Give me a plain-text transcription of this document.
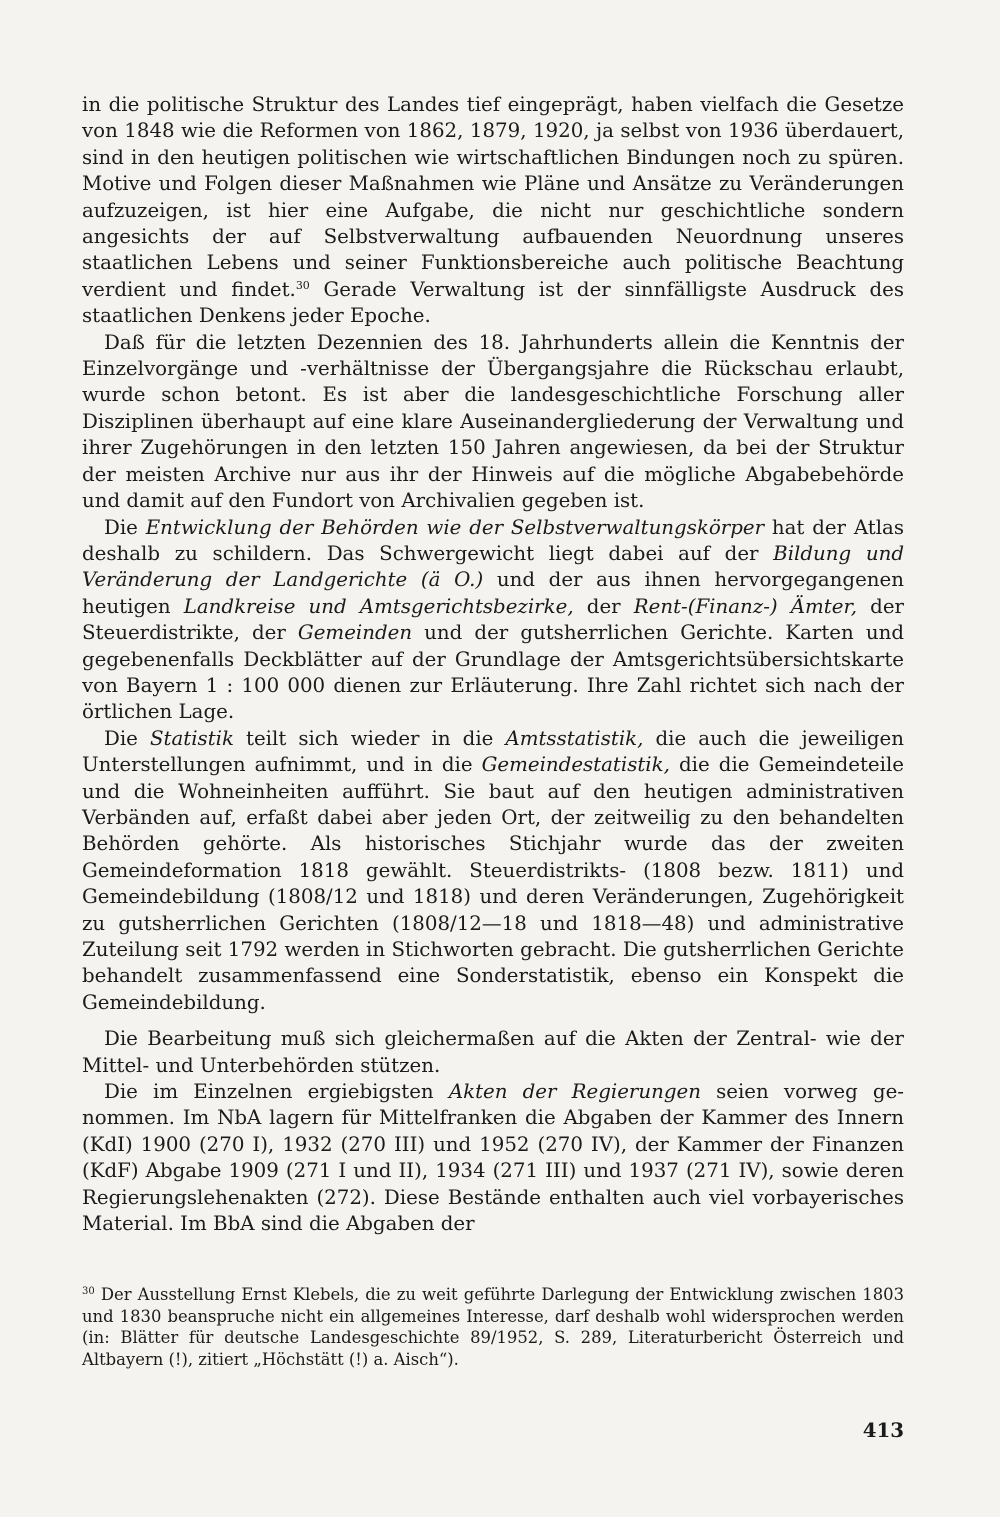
in die politische Struktur des Landes tief eingeprägt, haben vielfach die Gesetze von 1848 wie die Reformen von 1862, 1879, 1920, ja selbst von 1936 überdauert, sind in den heutigen politischen wie wirtschaftlichen Bindungen noch zu spüren. Motive und Folgen dieser Maßnahmen wie Pläne und Ansätze zu Veränderungen aufzuzeigen, ist hier eine Aufgabe, die nicht nur geschichtliche sondern angesichts der auf Selbstverwaltung aufbauenden Neuordnung unseres staatlichen Lebens und seiner Funktionsbereiche auch politische Beachtung verdient und findet.$^{30}$ Gerade Verwaltung ist der sinnfälligste Ausdruck des staatlichen Denkens jeder Epoche.

Daß für die letzten Dezennien des 18. Jahrhunderts allein die Kenntnis der Einzelvorgänge und -verhältnisse der Übergangsjahre die Rückschau erlaubt, wurde schon betont. Es ist aber die landesgeschichtliche Forschung aller Disziplinen überhaupt auf eine klare Auseinandergliederung der Verwaltung und ihrer Zugehörungen in den letzten 150 Jahren angewiesen, da bei der Struktur der meisten Archive nur aus ihr der Hinweis auf die mögliche Abgabebehörde und damit auf den Fundort von Archivalien gegeben ist.

Die Entwicklung der Behörden wie der Selbstverwaltungskörper hat der Atlas deshalb zu schildern. Das Schwergewicht liegt dabei auf der Bildung und Veränderung der Landgerichte (ä O.) und der aus ihnen hervorgegangenen heutigen Landkreise und Amtsgerichtsbezirke, der Rent-(Finanz-) Ämter, der Steuerdistrikte, der Gemeinden und der gutsherrlichen Gerichte. Karten und gegebenenfalls Deckblätter auf der Grundlage der Amtsgerichtsübersichtskarte von Bayern 1 : 100 000 dienen zur Erläuterung. Ihre Zahl richtet sich nach der örtlichen Lage.

Die Statistik teilt sich wieder in die Amtsstatistik, die auch die jeweiligen Unterstellungen aufnimmt, und in die Gemeindestatistik, die die Gemeindeteile und die Wohneinheiten aufführt. Sie baut auf den heutigen administrativen Verbänden auf, erfaßt dabei aber jeden Ort, der zeitweilig zu den behandelten Behörden gehörte. Als historisches Stichjahr wurde das der zweiten Gemeindeformation 1818 gewählt. Steuerdistrikts- (1808 bezw. 1811) und Gemeindebildung (1808/12 und 1818) und deren Veränderungen, Zugehörigkeit zu gutsherrlichen Gerichten (1808/12—18 und 1818—48) und administrative Zuteilung seit 1792 werden in Stichworten gebracht. Die gutsherrlichen Gerichte behandelt zusammenfassend eine Sonderstatistik, ebenso ein Konspekt die Gemeindebildung.

Die Bearbeitung muß sich gleichermaßen auf die Akten der Zentral- wie der Mittel- und Unterbehörden stützen.

Die im Einzelnen ergiebigsten Akten der Regierungen seien vorweg genommen. Im NbA lagern für Mittelfranken die Abgaben der Kammer des Innern (KdI) 1900 (270 I), 1932 (270 III) und 1952 (270 IV), der Kammer der Finanzen (KdF) Abgabe 1909 (271 I und II), 1934 (271 III) und 1937 (271 IV), sowie deren Regierungslehenakten (272). Diese Bestände enthalten auch viel vorbayerisches Material. Im BbA sind die Abgaben der

$^{30}$ Der Ausstellung Ernst Klebels, die zu weit geführte Darlegung der Entwicklung zwischen 1803 und 1830 beanspruche nicht ein allgemeines Interesse, darf deshalb wohl widersprochen werden (in: Blätter für deutsche Landesgeschichte 89/1952, S. 289, Literaturbericht Österreich und Altbayern (!), zitiert „Höchstätt (!) a. Aisch“).
413
